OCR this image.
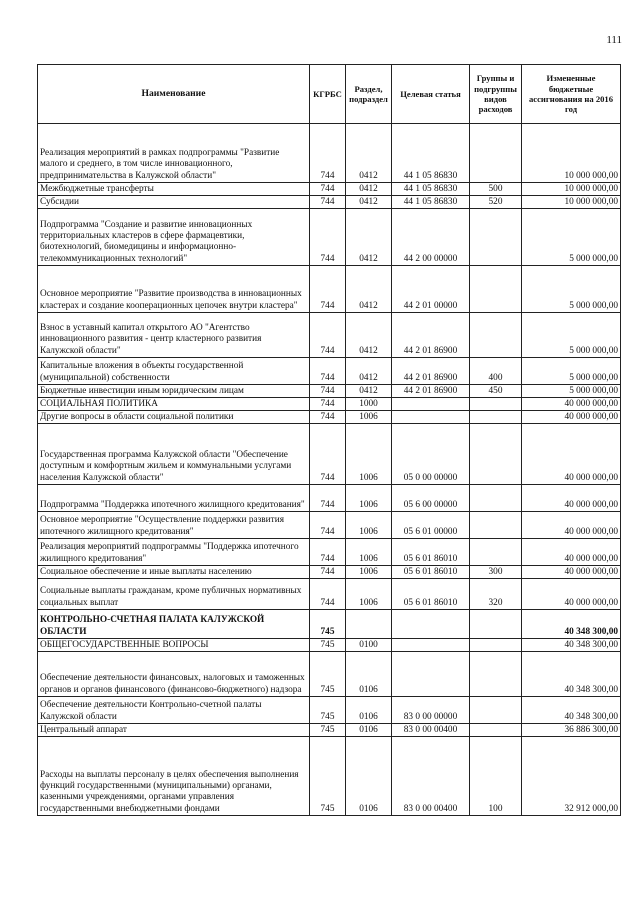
111
Наименование	КГРБС	Раздел, подраздел	Целевая статья	Группы и подгруппы видов расходов	Измененные бюджетные ассигнования на 2016 год
Реализация мероприятий в рамках подпрограммы "Развитие малого и среднего, в том числе инновационного, предпринимательства в Калужской области"	744	0412	44 1 05 86830		10 000 000,00
Межбюджетные трансферты	744	0412	44 1 05 86830	500	10 000 000,00
Субсидии	744	0412	44 1 05 86830	520	10 000 000,00
Подпрограмма "Создание и развитие инновационных территориальных кластеров в сфере фармацевтики, биотехнологий, биомедицины и информационно-телекоммуникационных технологий"	744	0412	44 2 00 00000		5 000 000,00
Основное мероприятие "Развитие производства в инновационных кластерах и создание кооперационных цепочек внутри кластера"	744	0412	44 2 01 00000		5 000 000,00
Взнос в уставный капитал открытого АО "Агентство инновационного развития - центр кластерного развития Калужской области"	744	0412	44 2 01 86900		5 000 000,00
Капитальные вложения в объекты государственной (муниципальной) собственности	744	0412	44 2 01 86900	400	5 000 000,00
Бюджетные инвестиции иным юридическим лицам	744	0412	44 2 01 86900	450	5 000 000,00
СОЦИАЛЬНАЯ ПОЛИТИКА	744	1000			40 000 000,00
Другие вопросы в области социальной политики	744	1006			40 000 000,00
Государственная программа Калужской области "Обеспечение доступным и комфортным жильем и коммунальными услугами населения Калужской области"	744	1006	05 0 00 00000		40 000 000,00
Подпрограмма "Поддержка ипотечного жилищного кредитования"	744	1006	05 6 00 00000		40 000 000,00
Основное мероприятие "Осуществление поддержки развития ипотечного жилищного кредитования"	744	1006	05 6 01 00000		40 000 000,00
Реализация мероприятий подпрограммы "Поддержка ипотечного жилищного кредитования"	744	1006	05 6 01 86010		40 000 000,00
Социальное обеспечение и иные выплаты населению	744	1006	05 6 01 86010	300	40 000 000,00
Социальные выплаты гражданам, кроме публичных нормативных социальных выплат	744	1006	05 6 01 86010	320	40 000 000,00
КОНТРОЛЬНО-СЧЕТНАЯ ПАЛАТА КАЛУЖСКОЙ ОБЛАСТИ	745				40 348 300,00
ОБЩЕГОСУДАРСТВЕННЫЕ ВОПРОСЫ	745	0100			40 348 300,00
Обеспечение деятельности финансовых, налоговых и таможенных органов и органов финансового (финансово-бюджетного) надзора	745	0106			40 348 300,00
Обеспечение деятельности Контрольно-счетной палаты Калужской области	745	0106	83 0 00 00000		40 348 300,00
Центральный аппарат	745	0106	83 0 00 00400		36 886 300,00
Расходы на выплаты персоналу в целях обеспечения выполнения функций государственными (муниципальными) органами, казенными учреждениями, органами управления государственными внебюджетными фондами	745	0106	83 0 00 00400	100	32 912 000,00
